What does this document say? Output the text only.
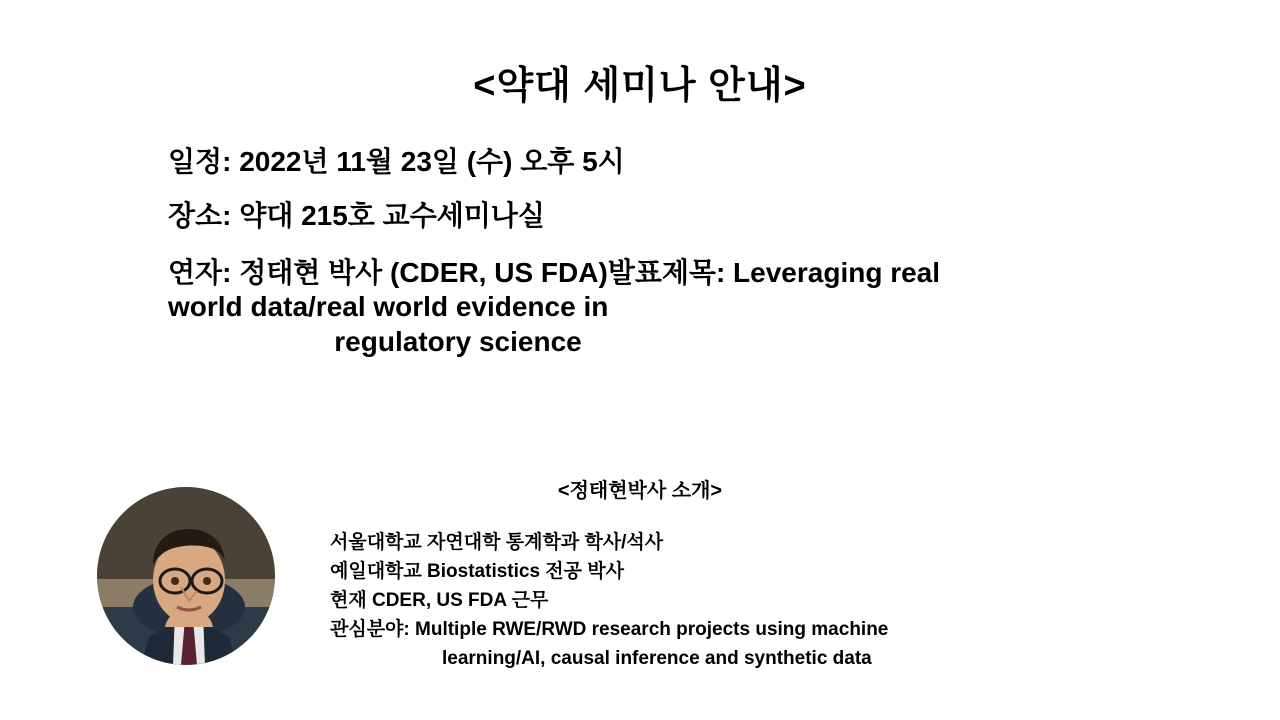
<약대 세미나 안내>
일정: 2022년 11월 23일 (수) 오후 5시
장소: 약대 215호 교수세미나실
연자: 정태현 박사 (CDER, US FDA)발표제목: Leveraging real
world data/real world evidence in
regulatory science
<정태현박사 소개>
서울대학교 자연대학 통계학과 학사/석사
예일대학교 Biostatistics 전공 박사
현재 CDER, US FDA 근무
관심분야: Multiple RWE/RWD research projects using machine
learning/AI, causal inference and synthetic data
